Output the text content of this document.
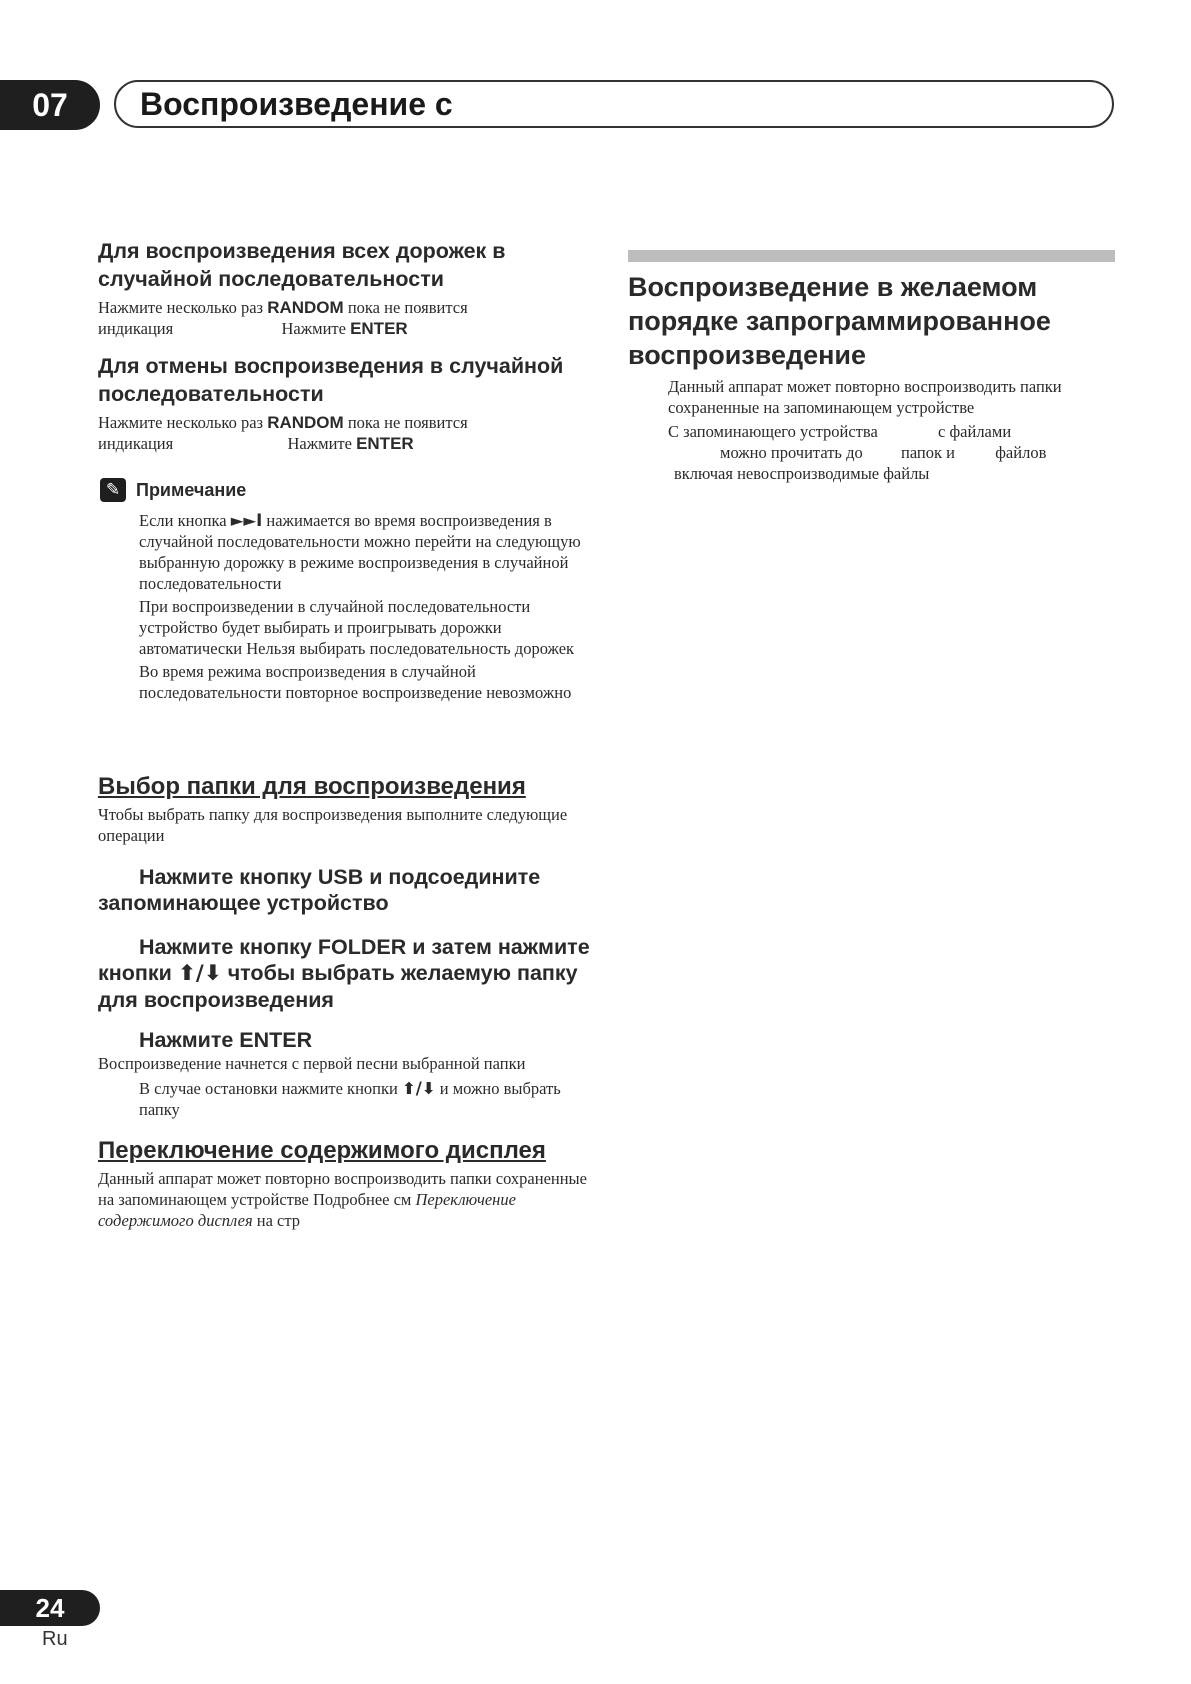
07	Воспроизведение с
Для воспроизведения всех дорожек в случайной последовательности

Нажмите несколько раз RANDOM пока не появится

индикация	Нажмите ENTER

Для отмены воспроизведения в случайной последовательности

Нажмите несколько раз RANDOM пока не появится

индикация	Нажмите ENTER

✎ Примечание

Если кнопка ►►I нажимается во время воспроизведения в случайной последовательности можно перейти на следующую выбранную дорожку в режиме воспроизведения в случайной последовательности

При воспроизведении в случайной последовательности устройство будет выбирать и проигрывать дорожки автоматически Нельзя выбирать последовательность дорожек

Во время режима воспроизведения в случайной последовательности повторное воспроизведение невозможно

Выбор папки для воспроизведения

Чтобы выбрать папку для воспроизведения выполните следующие операции

Нажмите кнопку USB и подсоедините запоминающее устройство

Нажмите кнопку FOLDER и затем нажмите кнопки ⬆/⬇ чтобы выбрать желаемую папку для воспроизведения

Нажмите ENTER

Воспроизведение начнется с первой песни выбранной папки

В случае остановки нажмите кнопки ⬆/⬇ и можно выбрать папку

Переключение содержимого дисплея

Данный аппарат может повторно воспроизводить папки сохраненные на запоминающем устройстве Подробнее см Переключение содержимого дисплея на стр

Воспроизведение в желаемом порядке запрограммированное воспроизведение

Данный аппарат может повторно воспроизводить папки сохраненные на запоминающем устройстве

С запоминающего устройства	с файлами

можно прочитать до папок и файлов

включая невоспроизводимые файлы

24
Ru
